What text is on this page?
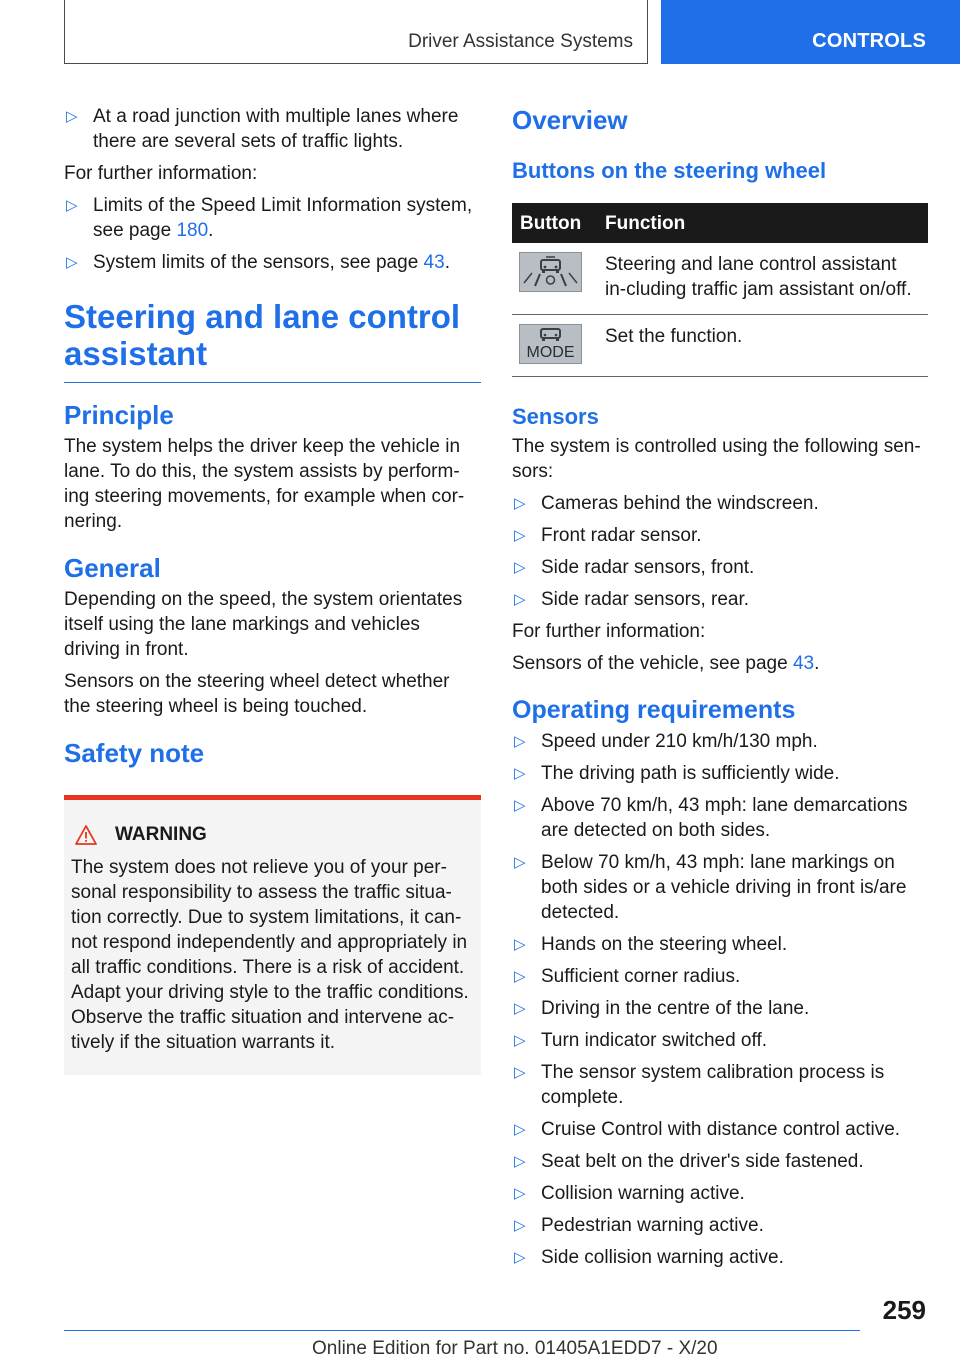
Driver Assistance Systems	CONTROLS
▷ At a road junction with multiple lanes where there are several sets of traffic lights.

For further information:

▷ Limits of the Speed Limit Information system, see page 180.
▷ System limits of the sensors, see page 43.
Steering and lane control assistant
Principle

The system helps the driver keep the vehicle in lane. To do this, the system assists by perform-ing steering movements, for example when cor-nering.

General

Depending on the speed, the system orientates itself using the lane markings and vehicles driving in front.

Sensors on the steering wheel detect whether the steering wheel is being touched.

Safety note
WARNING
The system does not relieve you of your per-sonal responsibility to assess the traffic situa-tion correctly. Due to system limitations, it can-not respond independently and appropriately in all traffic conditions. There is a risk of accident. Adapt your driving style to the traffic conditions. Observe the traffic situation and intervene ac-tively if the situation warrants it.
Overview
Buttons on the steering wheel
Button	Function

	Steering and lane control assistant in-cluding traffic jam assistant on/off.

MODE	Set the function.
Sensors

The system is controlled using the following sen-sors:

▷ Cameras behind the windscreen.
▷ Front radar sensor.
▷ Side radar sensors, front.
▷ Side radar sensors, rear.

For further information:

Sensors of the vehicle, see page 43.

Operating requirements
▷ Speed under 210 km/h/130 mph.
▷ The driving path is sufficiently wide.
▷ Above 70 km/h, 43 mph: lane demarcations are detected on both sides.
▷ Below 70 km/h, 43 mph: lane markings on both sides or a vehicle driving in front is/are detected.
▷ Hands on the steering wheel.
▷ Sufficient corner radius.
▷ Driving in the centre of the lane.
▷ Turn indicator switched off.
▷ The sensor system calibration process is complete.
▷ Cruise Control with distance control active.
▷ Seat belt on the driver's side fastened.
▷ Collision warning active.
▷ Pedestrian warning active.
▷ Side collision warning active.
259
Online Edition for Part no. 01405A1EDD7 - X/20
